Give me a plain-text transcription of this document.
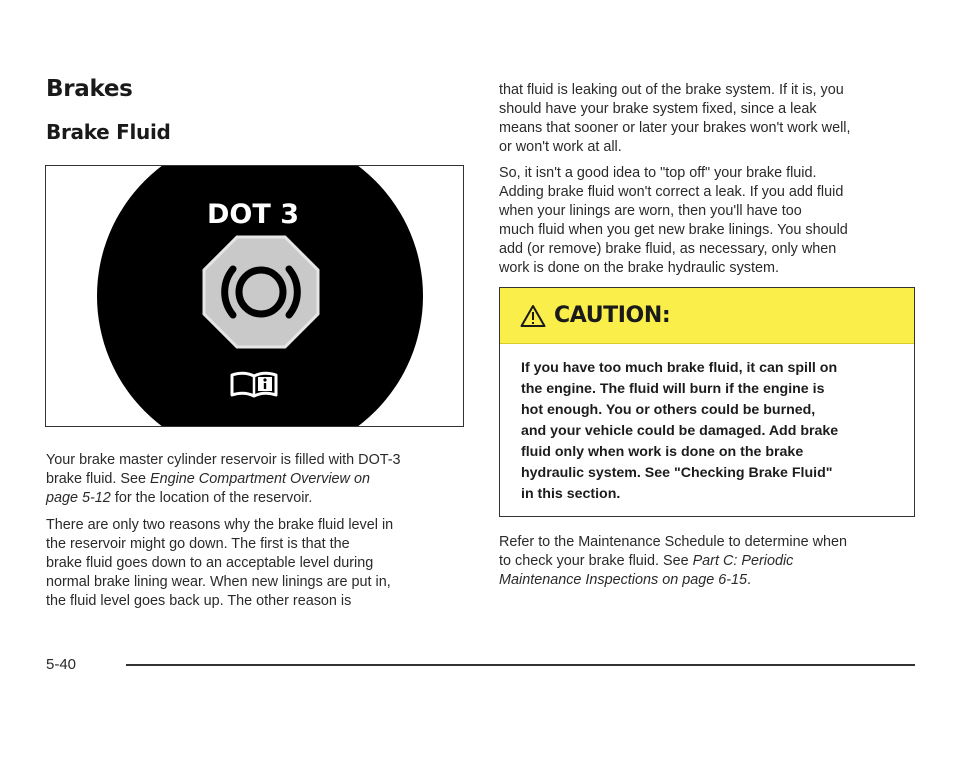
Brakes
Brake Fluid
DOT 3
Your brake master cylinder reservoir is filled with DOT-3
brake fluid. See Engine Compartment Overview on
page 5-12 for the location of the reservoir.
There are only two reasons why the brake fluid level in
the reservoir might go down. The first is that the
brake fluid goes down to an acceptable level during
normal brake lining wear. When new linings are put in,
the fluid level goes back up. The other reason is
that fluid is leaking out of the brake system. If it is, you
should have your brake system fixed, since a leak
means that sooner or later your brakes won't work well,
or won't work at all.
So, it isn't a good idea to "top off" your brake fluid.
Adding brake fluid won't correct a leak. If you add fluid
when your linings are worn, then you'll have too
much fluid when you get new brake linings. You should
add (or remove) brake fluid, as necessary, only when
work is done on the brake hydraulic system.
CAUTION:
If you have too much brake fluid, it can spill on
the engine. The fluid will burn if the engine is
hot enough. You or others could be burned,
and your vehicle could be damaged. Add brake
fluid only when work is done on the brake
hydraulic system. See "Checking Brake Fluid"
in this section.
Refer to the Maintenance Schedule to determine when
to check your brake fluid. See Part C: Periodic
Maintenance Inspections on page 6-15.
5-40
